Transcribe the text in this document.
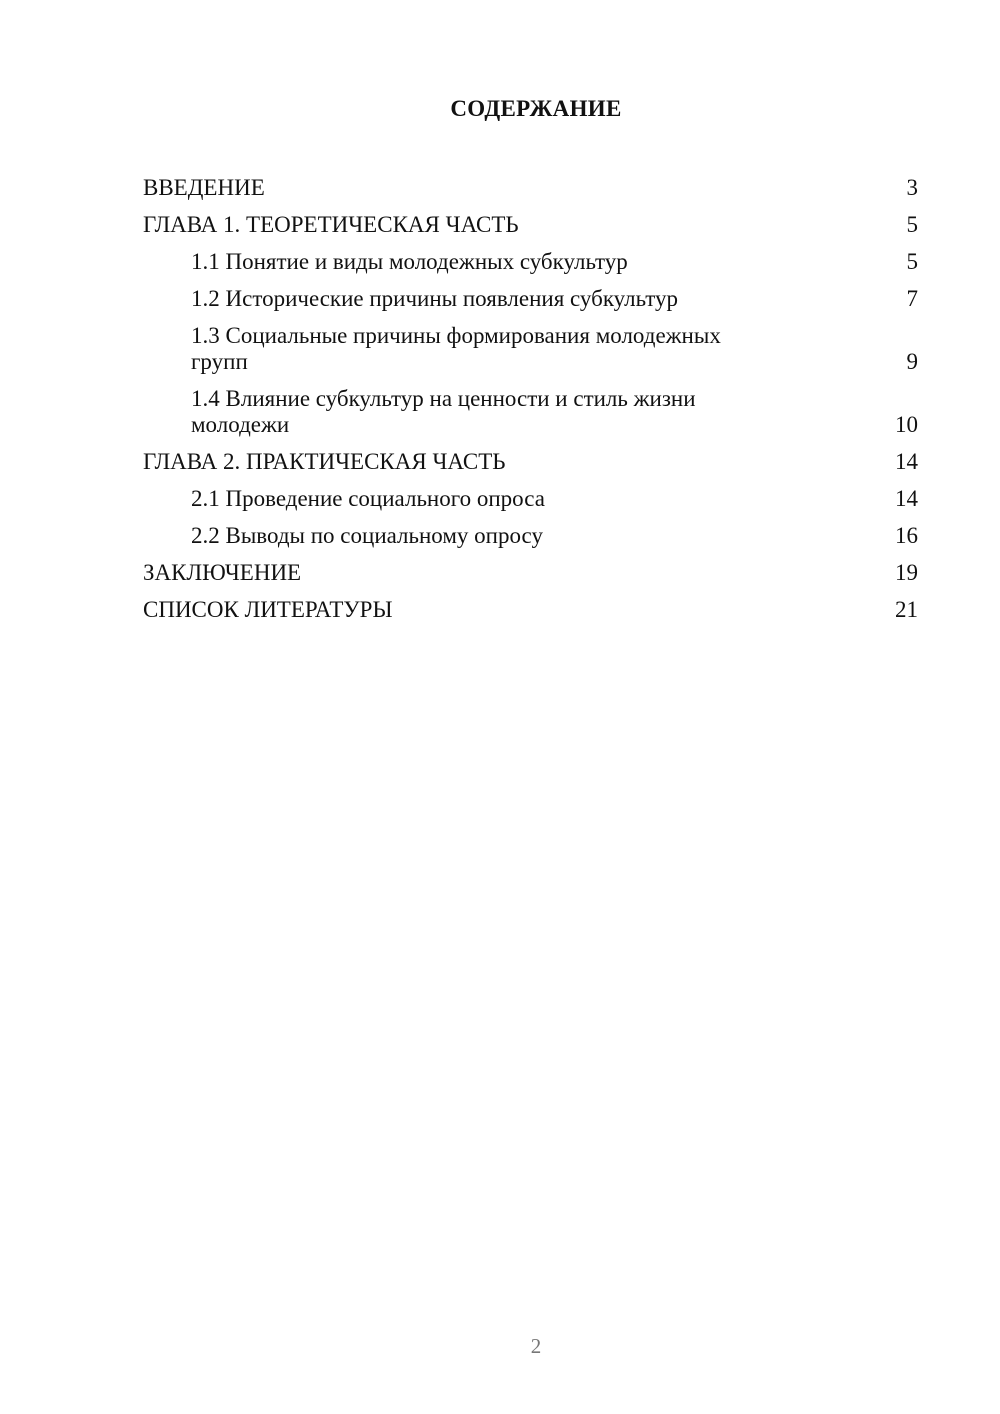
СОДЕРЖАНИЕ
ВВЕДЕНИЕ	3
ГЛАВА 1. ТЕОРЕТИЧЕСКАЯ ЧАСТЬ	5
1.1 Понятие и виды молодежных субкультур	5
1.2 Исторические причины появления субкультур	7
1.3 Социальные причины формирования молодежных групп	9
1.4 Влияние субкультур на ценности и стиль жизни молодежи	10
ГЛАВА 2. ПРАКТИЧЕСКАЯ ЧАСТЬ	14
2.1 Проведение социального опроса	14
2.2 Выводы по социальному опросу	16
ЗАКЛЮЧЕНИЕ	19
СПИСОК ЛИТЕРАТУРЫ	21
2
